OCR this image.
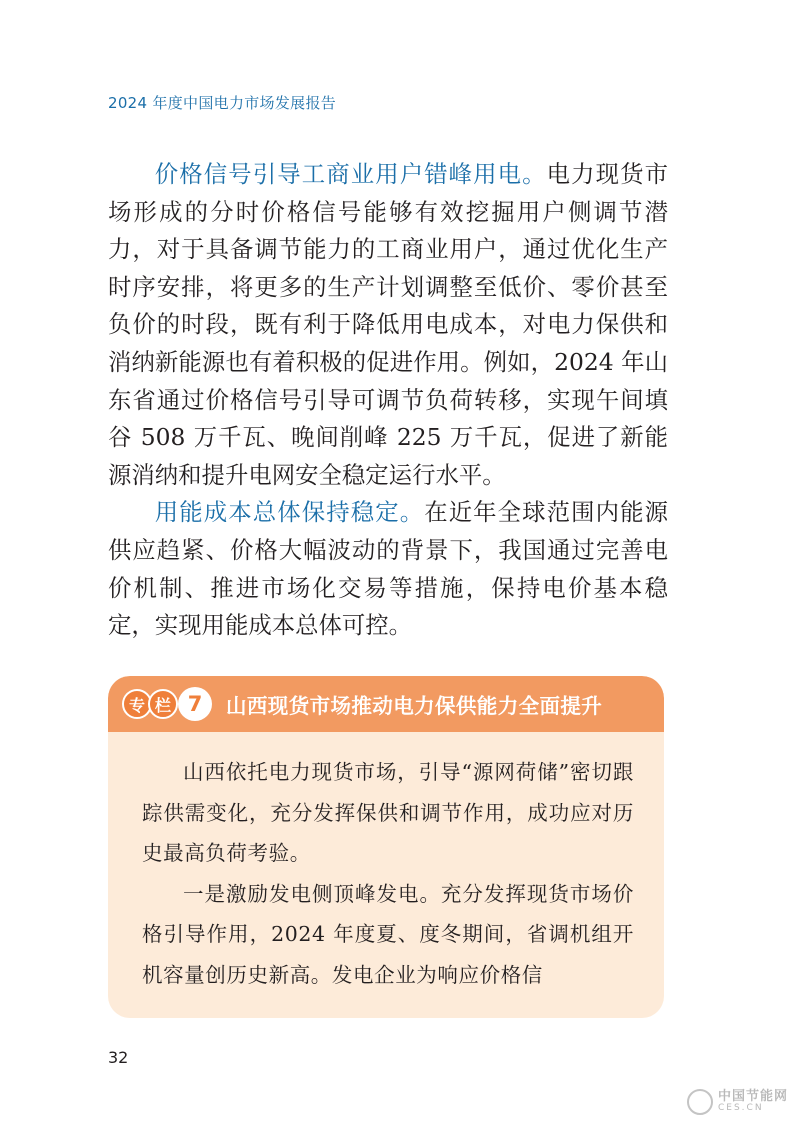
2024 年度中国电力市场发展报告

价格信号引导工商业用户错峰用电。电力现货市场形成的分时价格信号能够有效挖掘用户侧调节潜力，对于具备调节能力的工商业用户，通过优化生产时序安排，将更多的生产计划调整至低价、零价甚至负价的时段，既有利于降低用电成本，对电力保供和消纳新能源也有着积极的促进作用。例如，2024 年山东省通过价格信号引导可调节负荷转移，实现午间填谷 508 万千瓦、晚间削峰 225 万千瓦，促进了新能源消纳和提升电网安全稳定运行水平。

用能成本总体保持稳定。在近年全球范围内能源供应趋紧、价格大幅波动的背景下，我国通过完善电价机制、推进市场化交易等措施，保持电价基本稳定，实现用能成本总体可控。

专 栏 7	山西现货市场推动电力保供能力全面提升

山西依托电力现货市场，引导“源网荷储”密切跟踪供需变化，充分发挥保供和调节作用，成功应对历史最高负荷考验。

一是激励发电侧顶峰发电。充分发挥现货市场价格引导作用，2024 年度夏、度冬期间，省调机组开机容量创历史新高。发电企业为响应价格信

32
中国节能网
CES.CN
